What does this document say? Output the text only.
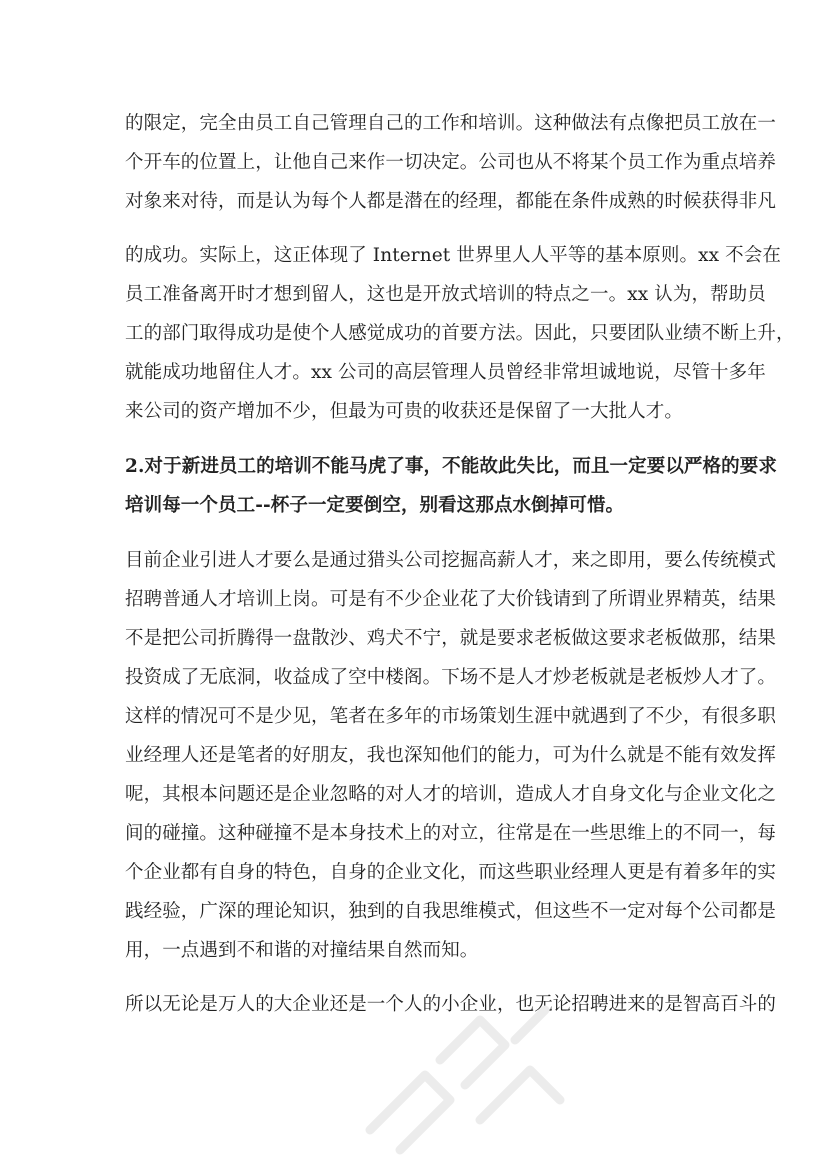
的限定，完全由员工自己管理自己的工作和培训。这种做法有点像把员工放在一
个开车的位置上，让他自己来作一切决定。公司也从不将某个员工作为重点培养
对象来对待，而是认为每个人都是潜在的经理，都能在条件成熟的时候获得非凡
的成功。实际上，这正体现了 Internet 世界里人人平等的基本原则。xx 不会在
员工准备离开时才想到留人，这也是开放式培训的特点之一。xx 认为，帮助员
工的部门取得成功是使个人感觉成功的首要方法。因此，只要团队业绩不断上升，
就能成功地留住人才。xx 公司的高层管理人员曾经非常坦诚地说，尽管十多年
来公司的资产增加不少，但最为可贵的收获还是保留了一大批人才。
2.对于新进员工的培训不能马虎了事，不能故此失比，而且一定要以严格的要求
培训每一个员工--杯子一定要倒空，别看这那点水倒掉可惜。
目前企业引进人才要么是通过猎头公司挖掘高薪人才，来之即用，要么传统模式
招聘普通人才培训上岗。可是有不少企业花了大价钱请到了所谓业界精英，结果
不是把公司折腾得一盘散沙、鸡犬不宁，就是要求老板做这要求老板做那，结果
投资成了无底洞，收益成了空中楼阁。下场不是人才炒老板就是老板炒人才了。
这样的情况可不是少见，笔者在多年的市场策划生涯中就遇到了不少，有很多职
业经理人还是笔者的好朋友，我也深知他们的能力，可为什么就是不能有效发挥
呢，其根本问题还是企业忽略的对人才的培训，造成人才自身文化与企业文化之
间的碰撞。这种碰撞不是本身技术上的对立，往常是在一些思维上的不同一，每
个企业都有自身的特色，自身的企业文化，而这些职业经理人更是有着多年的实
践经验，广深的理论知识，独到的自我思维模式，但这些不一定对每个公司都是
用，一点遇到不和谐的对撞结果自然而知。
所以无论是万人的大企业还是一个人的小企业，也无论招聘进来的是智高百斗的
